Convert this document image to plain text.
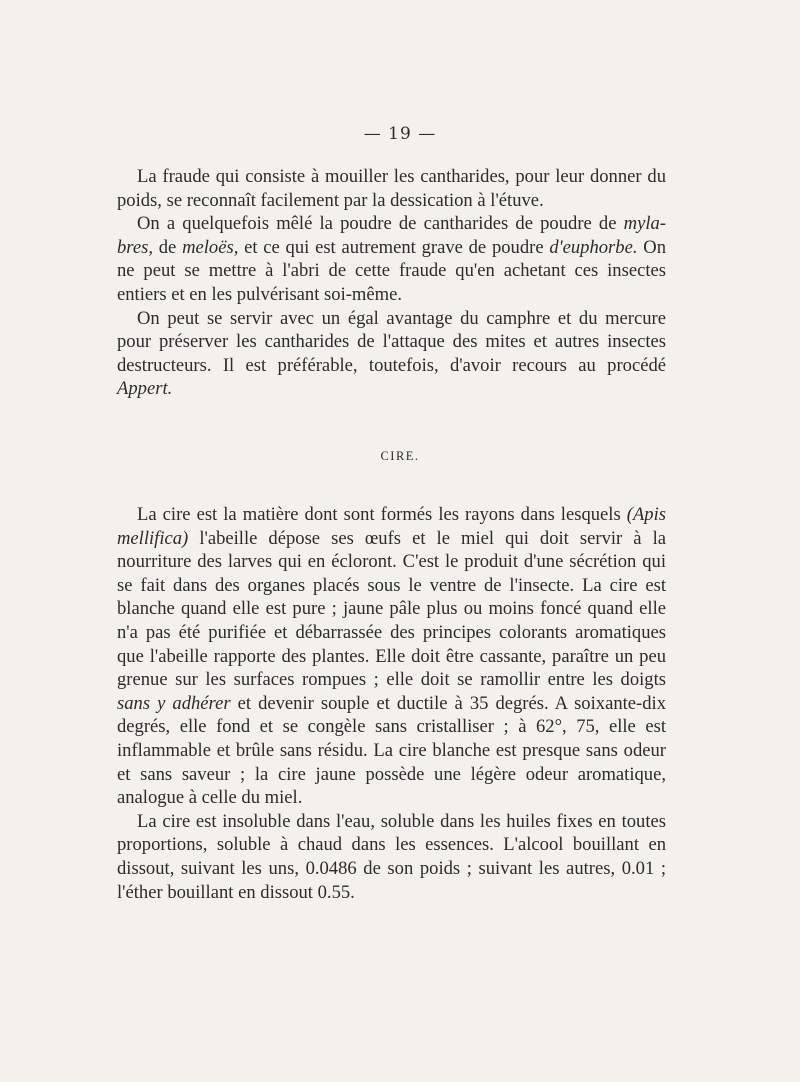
— 19 —

La fraude qui consiste à mouiller les cantharides, pour leur donner du poids, se reconnaît facilement par la dessication à l'étuve.

On a quelquefois mêlé la poudre de cantharides de poudre de myla-bres, de meloës, et ce qui est autrement grave de poudre d'euphorbe. On ne peut se mettre à l'abri de cette fraude qu'en achetant ces insectes entiers et en les pulvérisant soi-même.

On peut se servir avec un égal avantage du camphre et du mercure pour préserver les cantharides de l'attaque des mites et autres insectes destructeurs. Il est préférable, toutefois, d'avoir recours au procédé Appert.

CIRE.

La cire est la matière dont sont formés les rayons dans lesquels (Apis mellifica) l'abeille dépose ses œufs et le miel qui doit servir à la nourriture des larves qui en écloront. C'est le produit d'une sécrétion qui se fait dans des organes placés sous le ventre de l'insecte. La cire est blanche quand elle est pure ; jaune pâle plus ou moins foncé quand elle n'a pas été purifiée et débarrassée des principes colorants aromatiques que l'abeille rapporte des plantes. Elle doit être cassante, paraître un peu grenue sur les surfaces rompues ; elle doit se ramollir entre les doigts sans y adhérer et devenir souple et ductile à 35 degrés. A soixante-dix degrés, elle fond et se congèle sans cristalliser ; à 62°, 75, elle est inflammable et brûle sans résidu. La cire blanche est presque sans odeur et sans saveur ; la cire jaune possède une légère odeur aromatique, analogue à celle du miel.

La cire est insoluble dans l'eau, soluble dans les huiles fixes en toutes proportions, soluble à chaud dans les essences. L'alcool bouillant en dissout, suivant les uns, 0.0486 de son poids ; suivant les autres, 0.01 ; l'éther bouillant en dissout 0.55.
